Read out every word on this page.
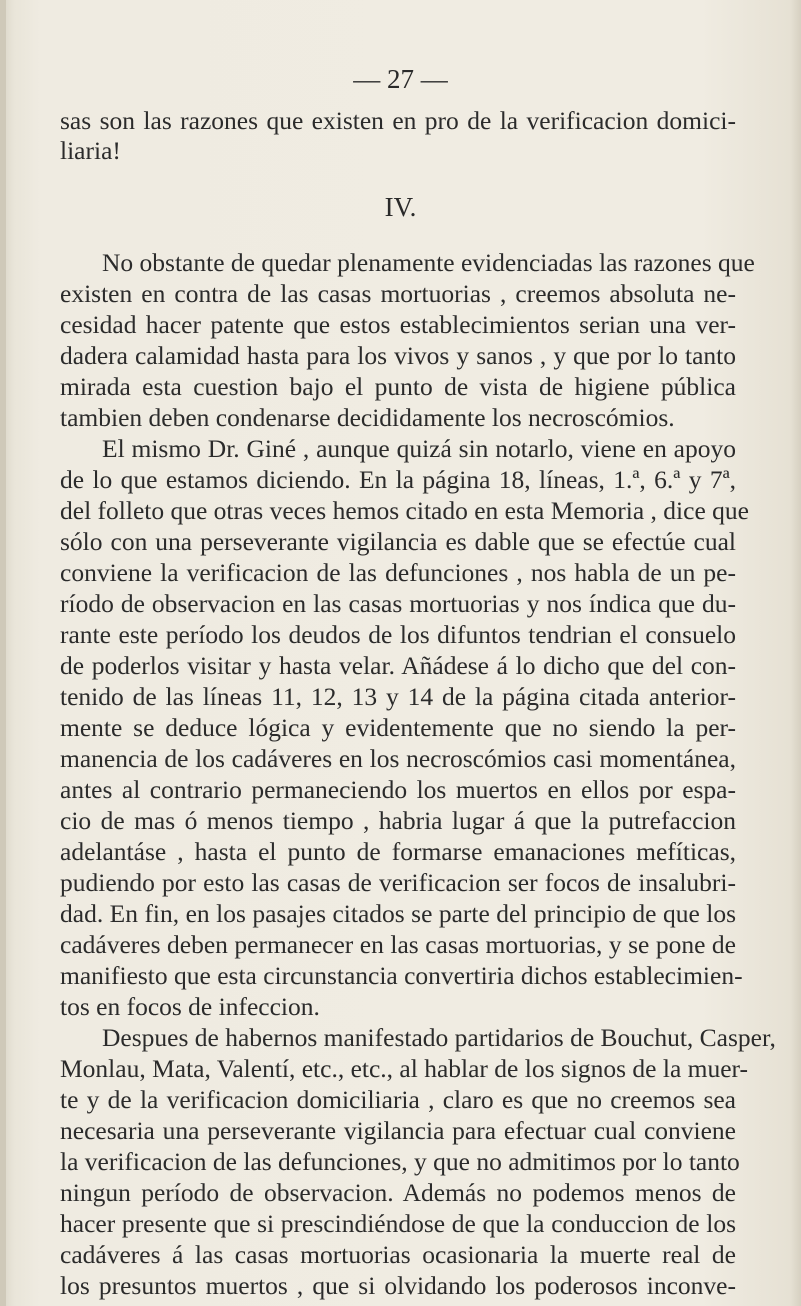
— 27 —
sas son las razones que existen en pro de la verificacion domici-
liaria!
IV.
No obstante de quedar plenamente evidenciadas las razones que
existen en contra de las casas mortuorias , creemos absoluta ne-
cesidad hacer patente que estos establecimientos serian una ver-
dadera calamidad hasta para los vivos y sanos , y que por lo tanto
mirada esta cuestion bajo el punto de vista de higiene pública
tambien deben condenarse decididamente los necroscómios.
El mismo Dr. Giné , aunque quizá sin notarlo, viene en apoyo
de lo que estamos diciendo. En la página 18, líneas, 1.ª, 6.ª y 7ª,
del folleto que otras veces hemos citado en esta Memoria , dice que
sólo con una perseverante vigilancia es dable que se efectúe cual
conviene la verificacion de las defunciones , nos habla de un pe-
ríodo de observacion en las casas mortuorias y nos índica que du-
rante este período los deudos de los difuntos tendrian el consuelo
de poderlos visitar y hasta velar. Añádese á lo dicho que del con-
tenido de las líneas 11, 12, 13 y 14 de la página citada anterior-
mente se deduce lógica y evidentemente que no siendo la per-
manencia de los cadáveres en los necroscómios casi momentánea,
antes al contrario permaneciendo los muertos en ellos por espa-
cio de mas ó menos tiempo , habria lugar á que la putrefaccion
adelantáse , hasta el punto de formarse emanaciones mefíticas,
pudiendo por esto las casas de verificacion ser focos de insalubri-
dad. En fin, en los pasajes citados se parte del principio de que los
cadáveres deben permanecer en las casas mortuorias, y se pone de
manifiesto que esta circunstancia convertiria dichos establecimien-
tos en focos de infeccion.
Despues de habernos manifestado partidarios de Bouchut, Casper,
Monlau, Mata, Valentí, etc., etc., al hablar de los signos de la muer-
te y de la verificacion domiciliaria , claro es que no creemos sea
necesaria una perseverante vigilancia para efectuar cual conviene
la verificacion de las defunciones, y que no admitimos por lo tanto
ningun período de observacion. Además no podemos menos de
hacer presente que si prescindiéndose de que la conduccion de los
cadáveres á las casas mortuorias ocasionaria la muerte real de
los presuntos muertos , que si olvidando los poderosos inconve-
